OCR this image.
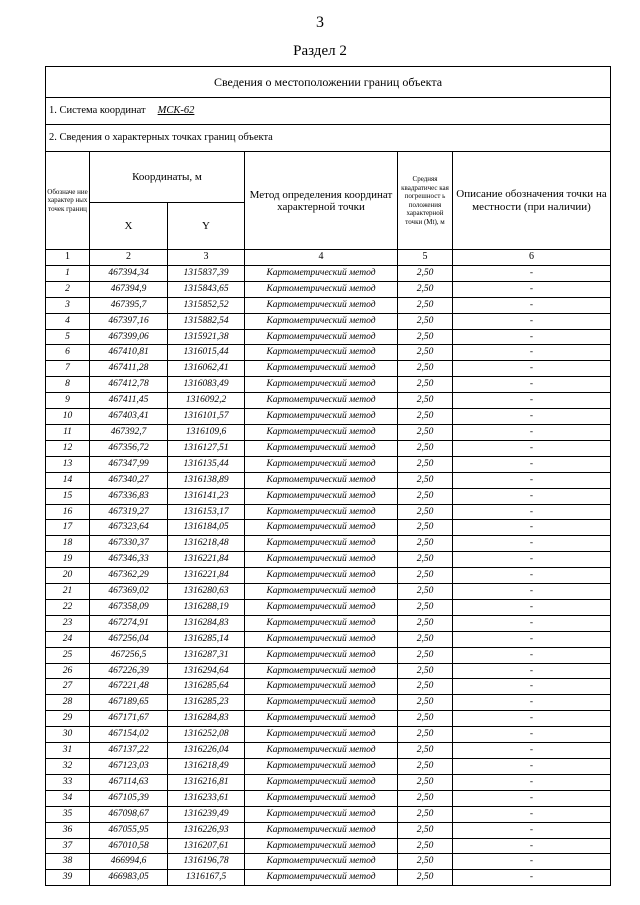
3
Раздел 2
Сведения о местоположении границ объекта					
1. Система координат МСК-62					
2. Сведения о характерных точках границ объекта					
Обозначе ние характер ных точек границ	Координаты, м		Метод определения координат характерной точки	Средняя квадратичес кая погрешност ь положения характерной точки (Mt), м	Описание обозначения точки на местности (при наличии)
	X	Y			
1	2	3	4	5	6
1	467394,34	1315837,39	Картометрический метод	2,50	-
2	467394,9	1315843,65	Картометрический метод	2,50	-
3	467395,7	1315852,52	Картометрический метод	2,50	-
4	467397,16	1315882,54	Картометрический метод	2,50	-
5	467399,06	1315921,38	Картометрический метод	2,50	-
6	467410,81	1316015,44	Картометрический метод	2,50	-
7	467411,28	1316062,41	Картометрический метод	2,50	-
8	467412,78	1316083,49	Картометрический метод	2,50	-
9	467411,45	1316092,2	Картометрический метод	2,50	-
10	467403,41	1316101,57	Картометрический метод	2,50	-
11	467392,7	1316109,6	Картометрический метод	2,50	-
12	467356,72	1316127,51	Картометрический метод	2,50	-
13	467347,99	1316135,44	Картометрический метод	2,50	-
14	467340,27	1316138,89	Картометрический метод	2,50	-
15	467336,83	1316141,23	Картометрический метод	2,50	-
16	467319,27	1316153,17	Картометрический метод	2,50	-
17	467323,64	1316184,05	Картометрический метод	2,50	-
18	467330,37	1316218,48	Картометрический метод	2,50	-
19	467346,33	1316221,84	Картометрический метод	2,50	-
20	467362,29	1316221,84	Картометрический метод	2,50	-
21	467369,02	1316280,63	Картометрический метод	2,50	-
22	467358,09	1316288,19	Картометрический метод	2,50	-
23	467274,91	1316284,83	Картометрический метод	2,50	-
24	467256,04	1316285,14	Картометрический метод	2,50	-
25	467256,5	1316287,31	Картометрический метод	2,50	-
26	467226,39	1316294,64	Картометрический метод	2,50	-
27	467221,48	1316285,64	Картометрический метод	2,50	-
28	467189,65	1316285,23	Картометрический метод	2,50	-
29	467171,67	1316284,83	Картометрический метод	2,50	-
30	467154,02	1316252,08	Картометрический метод	2,50	-
31	467137,22	1316226,04	Картометрический метод	2,50	-
32	467123,03	1316218,49	Картометрический метод	2,50	-
33	467114,63	1316216,81	Картометрический метод	2,50	-
34	467105,39	1316233,61	Картометрический метод	2,50	-
35	467098,67	1316239,49	Картометрический метод	2,50	-
36	467055,95	1316226,93	Картометрический метод	2,50	-
37	467010,58	1316207,61	Картометрический метод	2,50	-
38	466994,6	1316196,78	Картометрический метод	2,50	-
39	466983,05	1316167,5	Картометрический метод	2,50	-
